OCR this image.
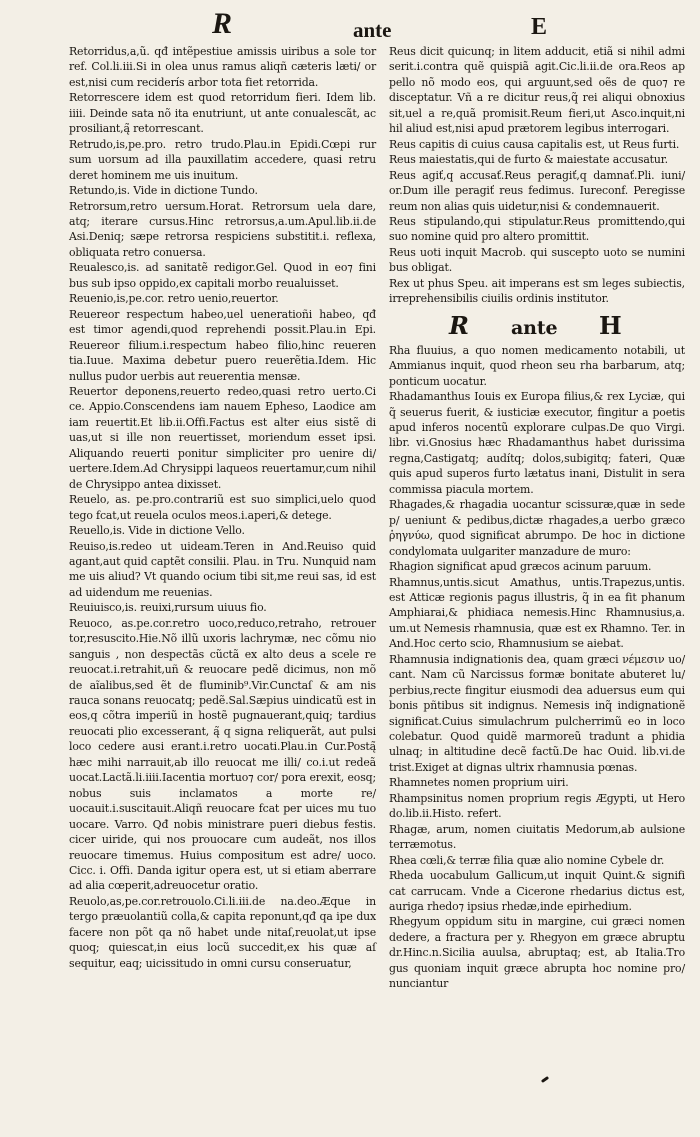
R	ante	E

Retorridus,a,ũ. qđ intẽpestiue amissis uiribus a sole tor ref. Col.li.iii.Si in olea unus ramus aliqñ cæteris læti/ or est,nisi cum reciderís arbor tota fiet retorrida.

Retorrescere idem est quod retorridum fieri. Idem lib. iiii. Deinde sata nõ ita enutriunt, ut ante conualescãt, ac prosiliant,ą̃ retorrescant.

Retrudo,is,pe.pro. retro trudo.Plau.in Epidi.Cœpi rur sum uorsum ad illa pauxillatim accedere, quasi retru deret hominem me uis inuitum.

Retundo,is. Vide in dictione Tundo.

Retrorsum,retro uersum.Horat. Retrorsum uela dare, atq; iterare cursus.Hinc retrorsus,a.um.Apul.lib.ii.de Asi.Deniq; sæpe retrorsa respiciens substitit.i. reflexa, obliquata retro conuersa.

Reualesco,is. ad sanitatẽ redigor.Gel. Quod in eo⁊ fini bus sub ipso oppido,ex capitali morbo reualuisset.

Reuenio,is,pe.cor. retro uenio,reuertor.

Reuereor respectum habeo,uel ueneratioñi habeo, qđ est timor agendi,quod reprehendi possit.Plau.in Epi. Reuereor filium.i.respectum habeo filio,hinc reueren tia.Iuue. Maxima debetur puero reuerẽtia.Idem. Hic nullus pudor uerbis aut reuerentia mensæ.

Reuertor deponens,reuerto redeo,quasi retro uerto.Ci ce. Appio.Conscendens iam nauem Epheso, Laodice am iam reuertit.Et lib.ii.Offi.Factus est alter eius sistẽ di uas,ut si ille non reuertisset, moriendum esset ipsi. Aliquando reuerti ponitur simpliciter pro uenire di/ uertere.Idem.Ad Chrysippi laqueos reuertamur,cum nihil de Chrysippo antea dixisset.

Reuelo, as. pe.pro.contrariũ est suo simplici,uelo quod tego fcat,ut reuela oculos meos.i.aperi,& detege.

Reuello,is. Vide in dictione Vello.

Reuiso,is.redeo ut uideam.Teren in And.Reuiso quid agant,aut quid captẽt consilii. Plau. in Tru. Nunquid nam me uis aliud? Vt quando ocium tibi sit,me reui sas, id est ad uidendum me reuenias.

Reuiuisco,is. reuixi,rursum uiuus fio.

Reuoco, as.pe.cor.retro uoco,reduco,retraho, retrouer tor,resuscito.Hie.Nõ illũ uxoris lachrymæ, nec cõmu nio sanguis , non despectãs cũctã ex alto deus a scele re reuocat.i.retrahit,uñ & reuocare pedẽ dicimus, non mõ de aĩalibus,sed ẽt de fluminib⁹.Vir.Cunctaſ & am nis rauca sonans reuocatq; pedẽ.Sal.Sæpius uindicatũ est in eos,q cõtra imperiũ in hostẽ pugnauerant,quiq; tardius reuocati plio excesserant, ą̃ q signa reliquerãt, aut pulsi loco cedere ausi erant.i.retro uocati.Plau.in Cur.Postą̃ hæc mihi narrauit,ab illo reuocat me illi/ co.i.ut redeã uocat.Lactã.li.iiii.Iacentia mortuo⁊ cor/ pora erexit, eosq; nobus suis inclamatos a morte re/ uocauit.i.suscitauit.Aliqñ reuocare fcat per uices mu tuo uocare. Varro. Qđ nobis ministrare pueri diebus festis. cicer uiride, qui nos prouocare cum audeãt, nos illos reuocare timemus. Huius compositum est adre/ uoco. Cicc. i. Offi. Danda igitur opera est, ut si etiam aberrare ad alia cœperit,adreuocetur oratio.

Reuolo,as,pe.cor.retrouolo.Ci.li.iii.de na.deo.Æque in tergo præuolantiũ colla,& capita reponunt,qđ qa ipe dux facere non põt qa nõ habet unde nitaſ,reuolat,ut ipse quoq; quiescat,in eius locũ succedit,ex his quæ aſ sequitur, eaq; uicissitudo in omni cursu conseruatur,

Reus dicit quicunq; in litem adducit, etiã si nihil admi serit.i.contra quẽ quispiã agit.Cic.li.ii.de ora.Reos ap pello nõ modo eos, qui arguunt,sed oẽs de quo⁊ re disceptatur. Vñ a re dicitur reus,q̃ rei aliqui obnoxius sit,uel a re,quã promisit.Reum fieri,ut Asco.inquit,ni hil aliud est,nisi apud prætorem legibus interrogari.

Reus capitis di cuius causa capitalis est, ut Reus furti.

Reus maiestatis,qui de furto & maiestate accusatur.

Reus agiť,q accusať.Reus peragiť,q damnať.Pli. iuni/ or.Dum ille peragiť reus fedimus. Iureconf. Peregisse reum non alias quis uidetur,nisi & condemnauerit.

Reus stipulando,qui stipulatur.Reus promittendo,qui suo nomine quid pro altero promittit.

Reus uoti inquit Macrob. qui suscepto uoto se numini bus obligat.

Rex ut phus Speu. ait imperans est sm leges subiectis, irreprehensibilis ciuilis ordinis institutor.

R	ante	H

Rha fluuius, a quo nomen medicamento notabili, ut Ammianus inquit, quod rheon seu rha barbarum, atq; ponticum uocatur.

Rhadamanthus Iouis ex Europa filius,& rex Lyciæ, qui q̃ seuerus fuerit, & iusticiæ executor, fingitur a poetis apud inferos nocentũ explorare culpas.De quo Virgi. libr. vi.Gnosius hæc Rhadamanthus habet durissima regna,Castigatq; audítq; dolos,subigitq; fateri, Quæ quis apud superos furto lætatus inani, Distulit in sera commissa piacula mortem.

Rhagades,& rhagadia uocantur scissuræ,quæ in sede p/ ueniunt & pedibus,dictæ rhagades,a uerbo græco ῥηγνύω, quod significat abrumpo. De hoc in dictione condylomata uulgariter manzadure de muro:

Rhagion significat apud græcos acinum paruum.

Rhamnus,untis.sicut Amathus, untis.Trapezus,untis. est Atticæ regionis pagus illustris, q̃ in ea fit phanum Amphiarai,& phidiaca nemesis.Hinc Rhamnusius,a. um.ut Nemesis rhamnusia, quæ est ex Rhamno. Ter. in And.Hoc certo scio, Rhamnusium se aiebat.

Rhamnusia indignationis dea, quam græci νέμεσιν uo/ cant. Nam cũ Narcissus formæ bonitate abuteret lu/ perbius,recte fingitur eiusmodi dea aduersus eum qui bonis pñtibus sit indignus. Nemesis inq̃ indignationẽ significat.Cuius simulachrum pulcherrimũ eo in loco colebatur. Quod quidẽ marmoreũ tradunt a phidia ulnaq; in altitudine decẽ factũ.De hac Ouid. lib.vi.de trist.Exiget at dignas ultrix rhamnusia pœnas.

Rhamnetes nomen proprium uiri.

Rhampsinitus nomen proprium regis Ægypti, ut Hero do.lib.ii.Histo. refert.

Rhagæ, arum, nomen ciuitatis Medorum,ab aulsione terræmotus.

Rhea cœli,& terræ filia quæ alio nomine Cybele dr.

Rheda uocabulum Gallicum,ut inquit Quint.& signifi cat carrucam. Vnde a Cicerone rhedarius dictus est, auriga rhedo⁊ ipsius rhedæ,inde epirhedium.

Rhegyum oppidum situ in margine, cui græci nomen dedere, a fractura per y. Rhegyon em græce abruptu dr.Hinc.n.Sicilia auulsa, abruptaq; est, ab Italia.Tro gus quoniam inquit græce abrupta hoc nomine pro/ nunciantur
